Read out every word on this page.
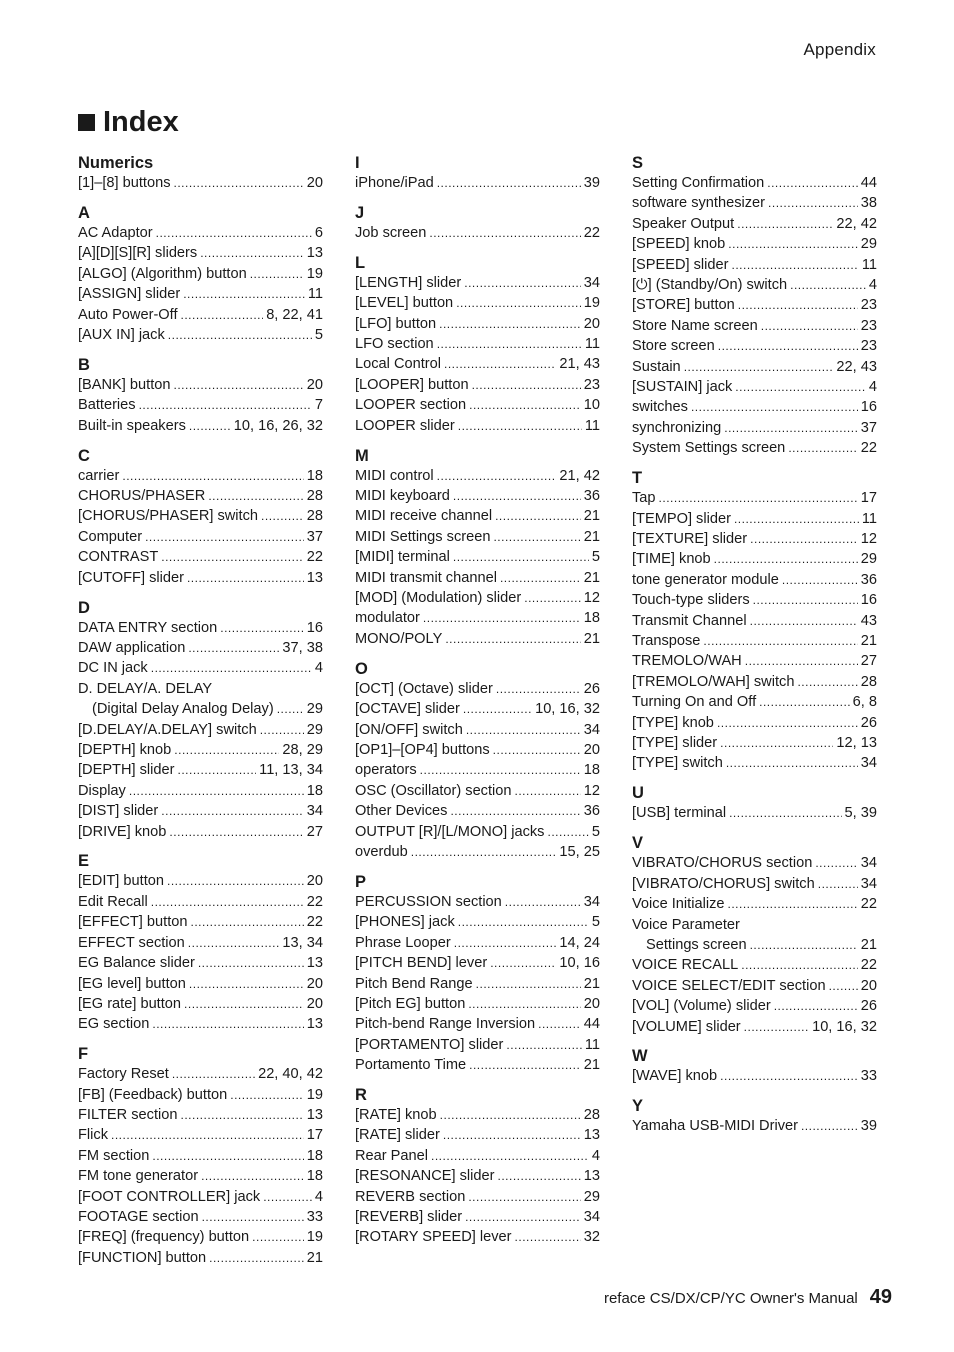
Appendix
Index
Numerics
[1]–[8] buttons .....	20
A
AC Adaptor .....	6
[A][D][S][R] sliders .....	13
[ALGO] (Algorithm) button .....	19
[ASSIGN] slider .....	11
Auto Power-Off .....	8, 22, 41
[AUX IN] jack .....	5
B
[BANK] button .....	20
Batteries .....	7
Built-in speakers .....	10, 16, 26, 32
C
carrier .....	18
CHORUS/PHASER .....	28
[CHORUS/PHASER] switch .....	28
Computer .....	37
CONTRAST .....	22
[CUTOFF] slider .....	13
D
DATA ENTRY section .....	16
DAW application .....	37, 38
DC IN jack .....	4
D. DELAY/A. DELAY
(Digital Delay Analog Delay) ..... 29
[D.DELAY/A.DELAY] switch .....	29
[DEPTH] knob .....	28, 29
[DEPTH] slider .....	11, 13, 34
Display .....	18
[DIST] slider .....	34
[DRIVE] knob .....	27
E
[EDIT] button .....	20
Edit Recall .....	22
[EFFECT] button .....	22
EFFECT section .....	13, 34
EG Balance slider .....	13
[EG level] button .....	20
[EG rate] button .....	20
EG section .....	13
F
Factory Reset .....	22, 40, 42
[FB] (Feedback) button .....	19
FILTER section .....	13
Flick .....	17
FM section .....	18
FM tone generator .....	18
[FOOT CONTROLLER] jack .....	4
FOOTAGE section .....	33
[FREQ] (frequency) button .....	19
[FUNCTION] button .....	21
I
iPhone/iPad .....	39
J
Job screen .....	22
L
[LENGTH] slider .....	34
[LEVEL] button .....	19
[LFO] button .....	20
LFO section .....	11
Local Control .....	21, 43
[LOOPER] button .....	23
LOOPER section .....	10
LOOPER slider .....	11
M
MIDI control .....	21, 42
MIDI keyboard .....	36
MIDI receive channel .....	21
MIDI Settings screen .....	21
[MIDI] terminal .....	5
MIDI transmit channel .....	21
[MOD] (Modulation) slider .....	12
modulator .....	18
MONO/POLY .....	21
O
[OCT] (Octave) slider .....	26
[OCTAVE] slider .....	10, 16, 32
[ON/OFF] switch .....	34
[OP1]–[OP4] buttons .....	20
operators .....	18
OSC (Oscillator) section .....	12
Other Devices .....	36
OUTPUT [R]/[L/MONO] jacks .....	5
overdub .....	15, 25
P
PERCUSSION section .....	34
[PHONES] jack .....	5
Phrase Looper .....	14, 24
[PITCH BEND] lever .....	10, 16
Pitch Bend Range .....	21
[Pitch EG] button .....	20
Pitch-bend Range Inversion .....	44
[PORTAMENTO] slider .....	11
Portamento Time .....	21
R
[RATE] knob .....	28
[RATE] slider .....	13
Rear Panel .....	4
[RESONANCE] slider .....	13
REVERB section .....	29
[REVERB] slider .....	34
[ROTARY SPEED] lever .....	32
S
Setting Confirmation .....	44
software synthesizer .....	38
Speaker Output .....	22, 42
[SPEED] knob .....	29
[SPEED] slider .....	11
[⏻] (Standby/On) switch .....	4
[STORE] button .....	23
Store Name screen .....	23
Store screen .....	23
Sustain .....	22, 43
[SUSTAIN] jack .....	4
switches .....	16
synchronizing .....	37
System Settings screen .....	22
T
Tap .....	17
[TEMPO] slider .....	11
[TEXTURE] slider .....	12
[TIME] knob .....	29
tone generator module .....	36
Touch-type sliders .....	16
Transmit Channel .....	43
Transpose .....	21
TREMOLO/WAH .....	27
[TREMOLO/WAH] switch .....	28
Turning On and Off .....	6, 8
[TYPE] knob .....	26
[TYPE] slider .....	12, 13
[TYPE] switch .....	34
U
[USB] terminal .....	5, 39
V
VIBRATO/CHORUS section .....	34
[VIBRATO/CHORUS] switch .....	34
Voice Initialize .....	22
Voice Parameter
Settings screen .....	21
VOICE RECALL .....	22
VOICE SELECT/EDIT section ..... 20
[VOL] (Volume) slider .....	26
[VOLUME] slider .....	10, 16, 32
W
[WAVE] knob .....	33
Y
Yamaha USB-MIDI Driver .....	39
reface CS/DX/CP/YC Owner's Manual 49
